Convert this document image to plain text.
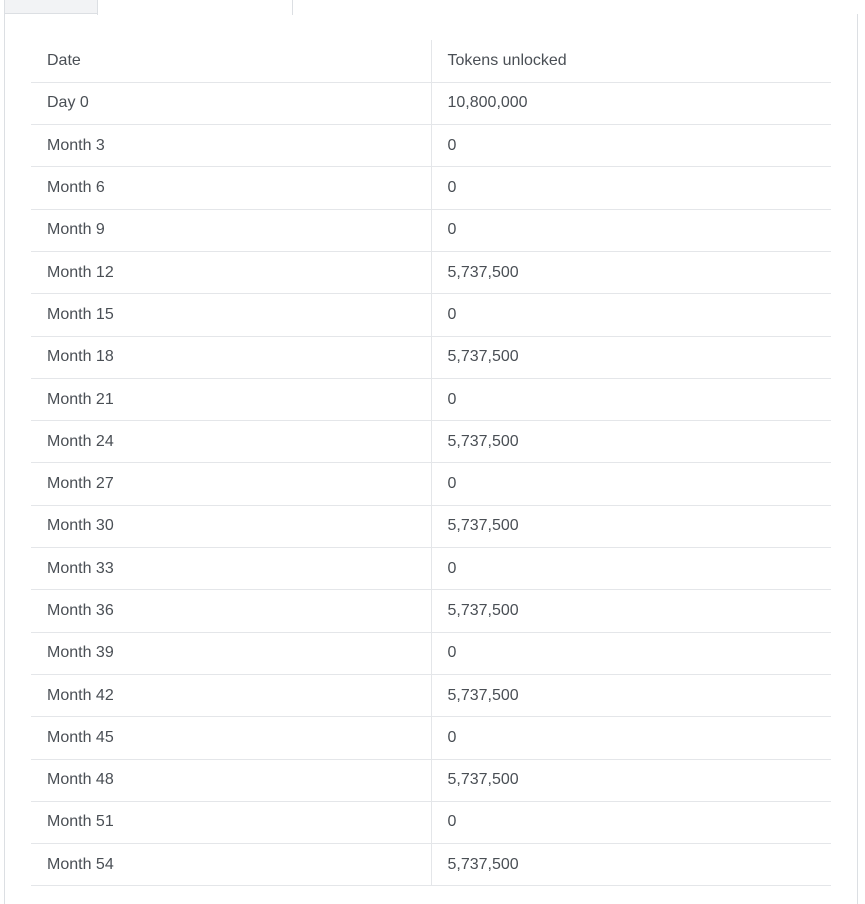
Date	Tokens unlocked
Day 0	10,800,000
Month 3	0
Month 6	0
Month 9	0
Month 12	5,737,500
Month 15	0
Month 18	5,737,500
Month 21	0
Month 24	5,737,500
Month 27	0
Month 30	5,737,500
Month 33	0
Month 36	5,737,500
Month 39	0
Month 42	5,737,500
Month 45	0
Month 48	5,737,500
Month 51	0
Month 54	5,737,500
